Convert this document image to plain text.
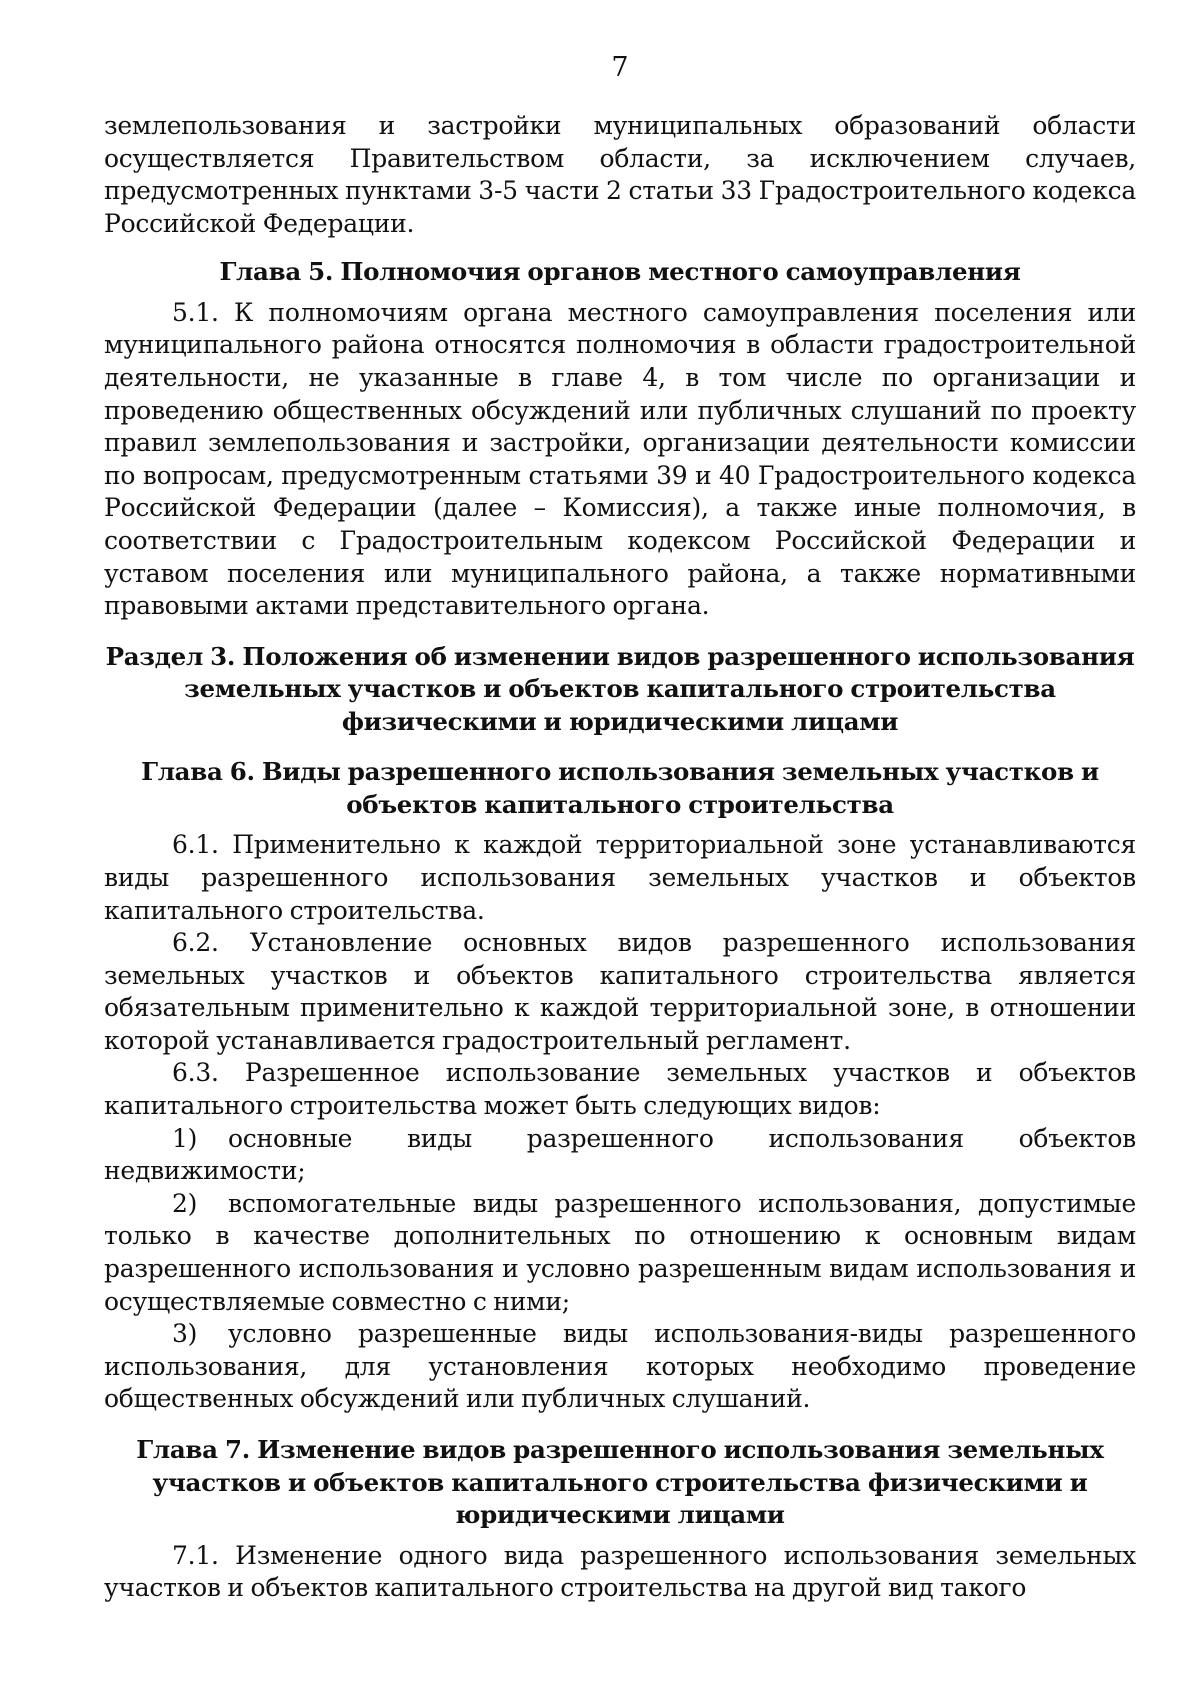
7

землепользования и застройки муниципальных образований области осуществляется Правительством области, за исключением случаев, предусмотренных пунктами 3-5 части 2 статьи 33 Градостроительного кодекса Российской Федерации.

Глава 5. Полномочия органов местного самоуправления

5.1. К полномочиям органа местного самоуправления поселения или муниципального района относятся полномочия в области градостроительной деятельности, не указанные в главе 4, в том числе по организации и проведению общественных обсуждений или публичных слушаний по проекту правил землепользования и застройки, организации деятельности комиссии по вопросам, предусмотренным статьями 39 и 40 Градостроительного кодекса Российской Федерации (далее – Комиссия), а также иные полномочия, в соответствии с Градостроительным кодексом Российской Федерации и уставом поселения или муниципального района, а также нормативными правовыми актами представительного органа.

Раздел 3. Положения об изменении видов разрешенного использования земельных участков и объектов капитального строительства физическими и юридическими лицами
Глава 6. Виды разрешенного использования земельных участков и объектов капитального строительства

6.1. Применительно к каждой территориальной зоне устанавливаются виды разрешенного использования земельных участков и объектов капитального строительства.

6.2. Установление основных видов разрешенного использования земельных участков и объектов капитального строительства является обязательным применительно к каждой территориальной зоне, в отношении которой устанавливается градостроительный регламент.

6.3. Разрешенное использование земельных участков и объектов капитального строительства может быть следующих видов:

1) основные виды разрешенного использования объектов недвижимости;

2) вспомогательные виды разрешенного использования, допустимые только в качестве дополнительных по отношению к основным видам разрешенного использования и условно разрешенным видам использования и осуществляемые совместно с ними;

3) условно разрешенные виды использования-виды разрешенного использования, для установления которых необходимо проведение общественных обсуждений или публичных слушаний.

Глава 7. Изменение видов разрешенного использования земельных участков и объектов капитального строительства физическими и юридическими лицами

7.1. Изменение одного вида разрешенного использования земельных участков и объектов капитального строительства на другой вид такого
